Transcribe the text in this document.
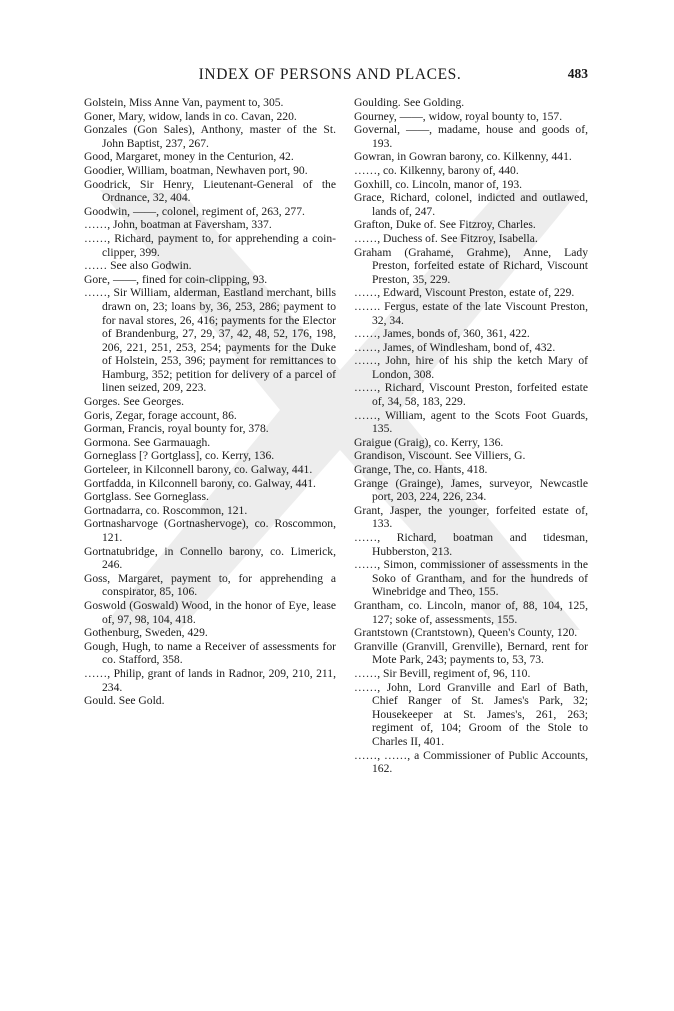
INDEX OF PERSONS AND PLACES.	483

Golstein, Miss Anne Van, payment to, 305.

Goner, Mary, widow, lands in co. Cavan, 220.

Gonzales (Gon Sales), Anthony, master of the St. John Baptist, 237, 267.

Good, Margaret, money in the Centurion, 42.

Goodier, William, boatman, Newhaven port, 90.

Goodrick, Sir Henry, Lieutenant-General of the Ordnance, 32, 404.

Goodwin, ——, colonel, regiment of, 263, 277.

……, John, boatman at Faversham, 337.

……, Richard, payment to, for apprehending a coin-clipper, 399.

…… See also Godwin.

Gore, ——, fined for coin-clipping, 93.

……, Sir William, alderman, Eastland merchant, bills drawn on, 23; loans by, 36, 253, 286; payment to for naval stores, 26, 416; payments for the Elector of Brandenburg, 27, 29, 37, 42, 48, 52, 176, 198, 206, 221, 251, 253, 254; payments for the Duke of Holstein, 253, 396; payment for remittances to Hamburg, 352; petition for delivery of a parcel of linen seized, 209, 223.

Gorges. See Georges.

Goris, Zegar, forage account, 86.

Gorman, Francis, royal bounty for, 378.

Gormona. See Garmauagh.

Gorneglass [? Gortglass], co. Kerry, 136.

Gorteleer, in Kilconnell barony, co. Galway, 441.

Gortfadda, in Kilconnell barony, co. Galway, 441.

Gortglass. See Gorneglass.

Gortnadarra, co. Roscommon, 121.

Gortnasharvoge (Gortnashervoge), co. Roscommon, 121.

Gortnatubridge, in Connello barony, co. Limerick, 246.

Goss, Margaret, payment to, for apprehending a conspirator, 85, 106.

Goswold (Goswald) Wood, in the honor of Eye, lease of, 97, 98, 104, 418.

Gothenburg, Sweden, 429.

Gough, Hugh, to name a Receiver of assessments for co. Stafford, 358.

……, Philip, grant of lands in Radnor, 209, 210, 211, 234.

Gould. See Gold.

Goulding. See Golding.

Gourney, ——, widow, royal bounty to, 157.

Governal, ——, madame, house and goods of, 193.

Gowran, in Gowran barony, co. Kilkenny, 441.

……, co. Kilkenny, barony of, 440.

Goxhill, co. Lincoln, manor of, 193.

Grace, Richard, colonel, indicted and outlawed, lands of, 247.

Grafton, Duke of. See Fitzroy, Charles.

……, Duchess of. See Fitzroy, Isabella.

Graham (Grahame, Grahme), Anne, Lady Preston, forfeited estate of Richard, Viscount Preston, 35, 229.

……, Edward, Viscount Preston, estate of, 229.

……. Fergus, estate of the late Viscount Preston, 32, 34.

……, James, bonds of, 360, 361, 422.

……, James, of Windlesham, bond of, 432.

……, John, hire of his ship the ketch Mary of London, 308.

……, Richard, Viscount Preston, forfeited estate of, 34, 58, 183, 229.

……, William, agent to the Scots Foot Guards, 135.

Graigue (Graig), co. Kerry, 136.

Grandison, Viscount. See Villiers, G.

Grange, The, co. Hants, 418.

Grange (Grainge), James, surveyor, Newcastle port, 203, 224, 226, 234.

Grant, Jasper, the younger, forfeited estate of, 133.

……, Richard, boatman and tidesman, Hubberston, 213.

……, Simon, commissioner of assessments in the Soko of Grantham, and for the hundreds of Winebridge and Theo, 155.

Grantham, co. Lincoln, manor of, 88, 104, 125, 127; soke of, assessments, 155.

Grantstown (Crantstown), Queen's County, 120.

Granville (Granvill, Grenville), Bernard, rent for Mote Park, 243; payments to, 53, 73.

……, Sir Bevill, regiment of, 96, 110.

……, John, Lord Granville and Earl of Bath, Chief Ranger of St. James's Park, 32; Housekeeper at St. James's, 261, 263; regiment of, 104; Groom of the Stole to Charles II, 401.

……, ……, a Commissioner of Public Accounts, 162.
